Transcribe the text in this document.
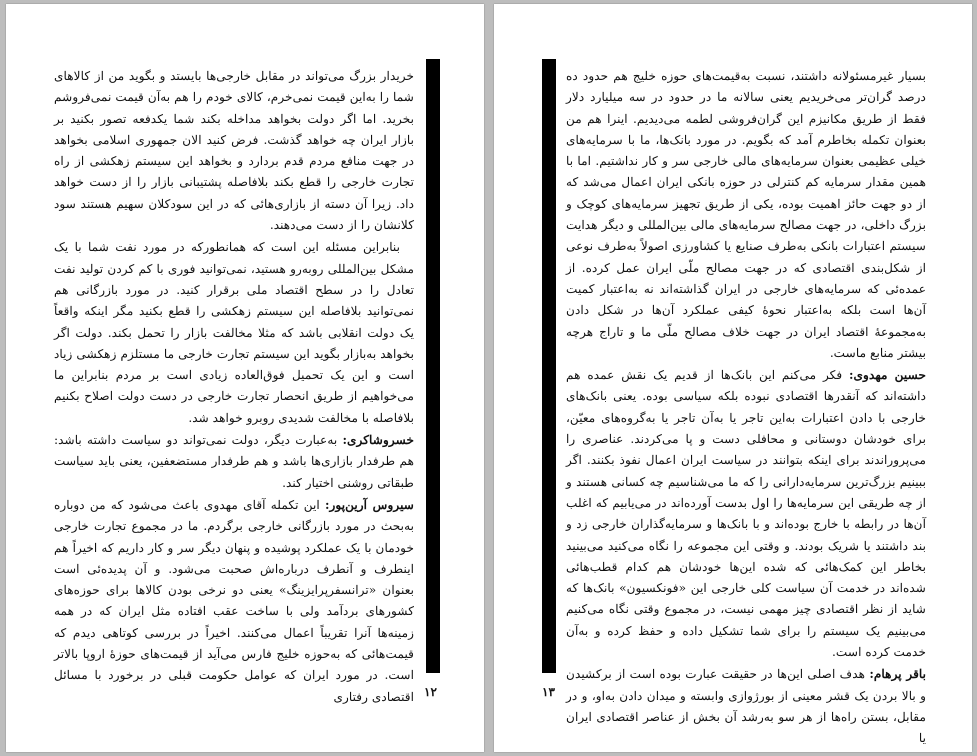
خریدار بزرگ می‌تواند در مقابل خارجی‌ها بایستد و بگوید من از کالاهای شما را به‌این قیمت نمی‌خرم، کالای خودم را هم به‌آن قیمت نمی‌فروشم بخرید. اما اگر دولت بخواهد مداخله بکند شما یکدفعه تصور بکنید بر بازار ایران چه خواهد گذشت. فرض کنید الان جمهوری اسلامی بخواهد در جهت منافع مردم قدم بردارد و بخواهد این سیستم زهکشی از راه تجارت خارجی را قطع بکند بلافاصله پشتیبانی بازار را از دست خواهد داد. زیرا آن دسته از بازاری‌هائی که در این سودکلان سهیم هستند سود کلانشان را از دست می‌دهند.

بنابراین مسئله این است که همانطورکه در مورد نفت شما با یک مشکل بین‌المللی روبه‌رو هستید، نمی‌توانید فوری با کم کردن تولید نفت تعادل را در سطح اقتصاد ملی برقرار کنید. در مورد بازرگانی هم نمی‌توانید بلافاصله این سیستم زهکشی را قطع بکنید مگر اینکه واقعاً یک دولت انقلابی باشد که مثلا مخالفت بازار را تحمل بکند. دولت اگر بخواهد به‌بازار بگوید این سیستم تجارت خارجی ما مستلزم زهکشی زیاد است و این یک تحمیل فوق‌العاده زیادی است بر مردم بنابراین ما می‌خواهیم از طریق انحصار تجارت خارجی در دست دولت اصلاح بکنیم بلافاصله با مخالفت شدیدی روبرو خواهد شد.

خسروشاکری: به‌عبارت دیگر، دولت نمی‌تواند دو سیاست داشته باشد: هم طرفدار بازاری‌ها باشد و هم طرفدار مستضعفین، یعنی باید سیاست طبقاتی روشنی اختیار کند.

سیروس آرین‌پور: این تکمله آقای مهدوی باعث می‌شود که من دوباره به‌بحث در مورد بازرگانی خارجی برگردم. ما در مجموع تجارت خارجی خودمان با یک عملکرد پوشیده و پنهان دیگر سر و کار داریم که اخیراً هم اینطرف و آنطرف درباره‌اش صحبت می‌شود. و آن پدیده‌ئی است بعنوان «ترانسفرپرایزینگ» یعنی دو نرخی بودن کالاها برای حوزه‌های کشورهای بردآمد ولی با ساخت عقب افتاده مثل ایران که در همه زمینه‌ها آنرا تقریباً اعمال می‌کنند. اخیراً در بررسی کوتاهی دیدم که قیمت‌هائی که به‌حوزه خلیج فارس می‌آید از قیمت‌های حوزهٔ اروپا بالاتر است. در مورد ایران که عوامل حکومت قبلی در برخورد با مسائل اقتصادی رفتاری ۱۲

بسیار غیرمسئولانه داشتند، نسبت به‌قیمت‌های حوزه خلیج هم حدود ده درصد گران‌تر می‌خریدیم یعنی سالانه ما در حدود در سه میلیارد دلار فقط از طریق مکانیزم این گران‌فروشی لطمه می‌دیدیم. اینرا هم من بعنوان تکمله بخاطرم آمد که بگویم. در مورد بانک‌ها، ما با سرمایه‌های خیلی عظیمی بعنوان سرمایه‌های مالی خارجی سر و کار نداشتیم. اما با همین مقدار سرمایه کم کنترلی‌ در حوزه بانکی ایران اعمال می‌شد که از دو جهت حائز اهمیت بوده، یکی از طریق تجهیز سرمایه‌های کوچک و بزرگ داخلی، در جهت مصالح سرمایه‌های مالی بین‌المللی و دیگر هدایت سیستم اعتبارات بانکی به‌طرف صنایع یا کشاورزی ‌اصولاً به‌طرف نوعی از شکل‌بندی اقتصادی که در جهت مصالح ملّی ایران عمل کرده. از عمده‌ئی که سرمایه‌های خارجی در ایران گذاشته‌اند نه به‌اعتبار کمیت آن‌ها است بلکه به‌اعتبار نحوهٔ کیفی عملکرد آن‌ها در شکل دادن به‌مجموعهٔ اقتصاد ایران در جهت خلاف مصالح ملّی ما و تاراج هرچه بیشتر منابع ماست.

حسین مهدوی: فکر می‌کنم این بانک‌ها از قدیم یک نقش عمده هم داشته‌اند که آنقدرها اقتصادی نبوده بلکه سیاسی بوده. یعنی بانک‌های خارجی با دادن اعتبارات به‌این تاجر یا به‌آن تاجر یا به‌گروه‌های معیّن، برای خودشان دوستانی و محافلی دست و پا می‌کردند. عناصری را می‌پروراندند برای اینکه بتوانند در سیاست ایران اعمال نفوذ بکنند. اگر ببینیم بزرگ‌ترین سرمایه‌دارانی را که ما می‌شناسیم چه کسانی هستند و از چه طریقی این سرمایه‌ها را اول بدست آورده‌اند در می‌یابیم که اغلب آن‌ها در رابطه با خارج بوده‌اند و با بانک‌ها و سرمایه‌گذاران خارجی زد و بند داشتند یا شریک بودند. و وقتی این مجموعه را نگاه می‌کنید می‌بینید بخاطر این کمک‌هائی که شده این‌ها خودشان هم کدام قطب‌هائی شده‌اند در خدمت آن سیاست کلی خارجی این «فونکسیون» بانک‌ها که شاید از نظر اقتصادی چیز مهمی نیست، در مجموع وقتی نگاه می‌کنیم می‌بینیم یک سیستم را برای شما تشکیل داده و حفظ کرده و به‌آن خدمت کرده است.

باقر پرهام: هدف اصلی این‌ها در حقیقت عبارت بوده است از برکشیدن و بالا بردن یک قشر معینی از بورژوازی وابسته و میدان دادن به‌او، و در مقابل، بستن راه‌ها از هر سو به‌رشد آن بخش از عناصر اقتصادی ایران یا

۱۳
